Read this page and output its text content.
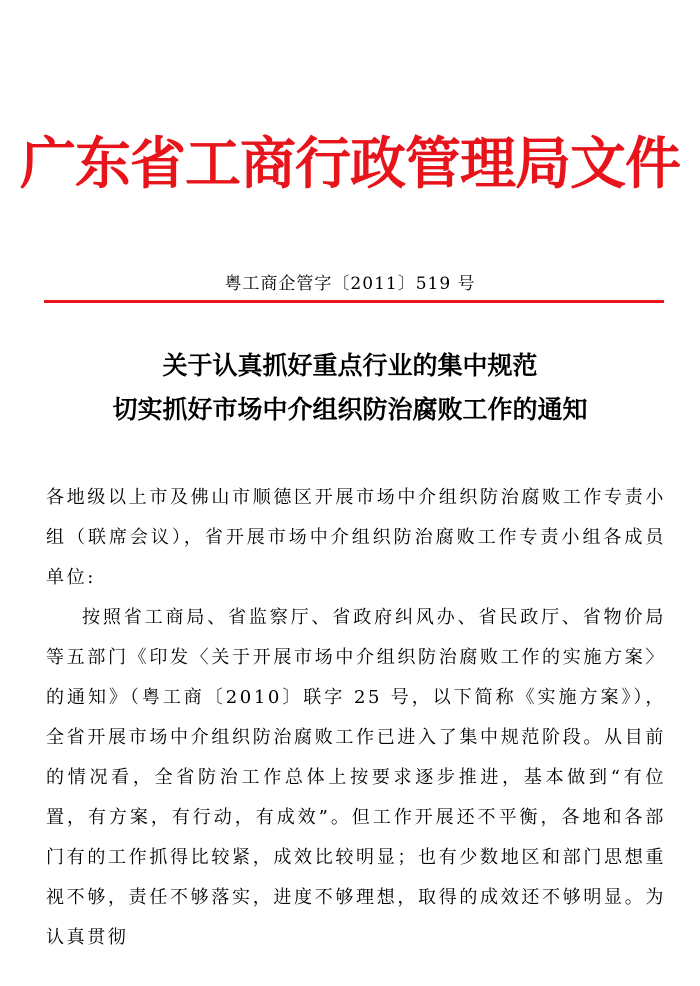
广东省工商行政管理局文件
粤工商企管字〔2011〕519 号
关于认真抓好重点行业的集中规范
切实抓好市场中介组织防治腐败工作的通知

各地级以上市及佛山市顺德区开展市场中介组织防治腐败工作专责小组（联席会议），省开展市场中介组织防治腐败工作专责小组各成员单位:

按照省工商局、省监察厅、省政府纠风办、省民政厅、省物价局等五部门《印发〈关于开展市场中介组织防治腐败工作的实施方案〉的通知》（粤工商〔2010〕联字 25 号，以下简称《实施方案》），全省开展市场中介组织防治腐败工作已进入了集中规范阶段。从目前的情况看，全省防治工作总体上按要求逐步推进，基本做到“有位置，有方案，有行动，有成效”。但工作开展还不平衡，各地和各部门有的工作抓得比较紧，成效比较明显；也有少数地区和部门思想重视不够，责任不够落实，进度不够理想，取得的成效还不够明显。为认真贯彻
